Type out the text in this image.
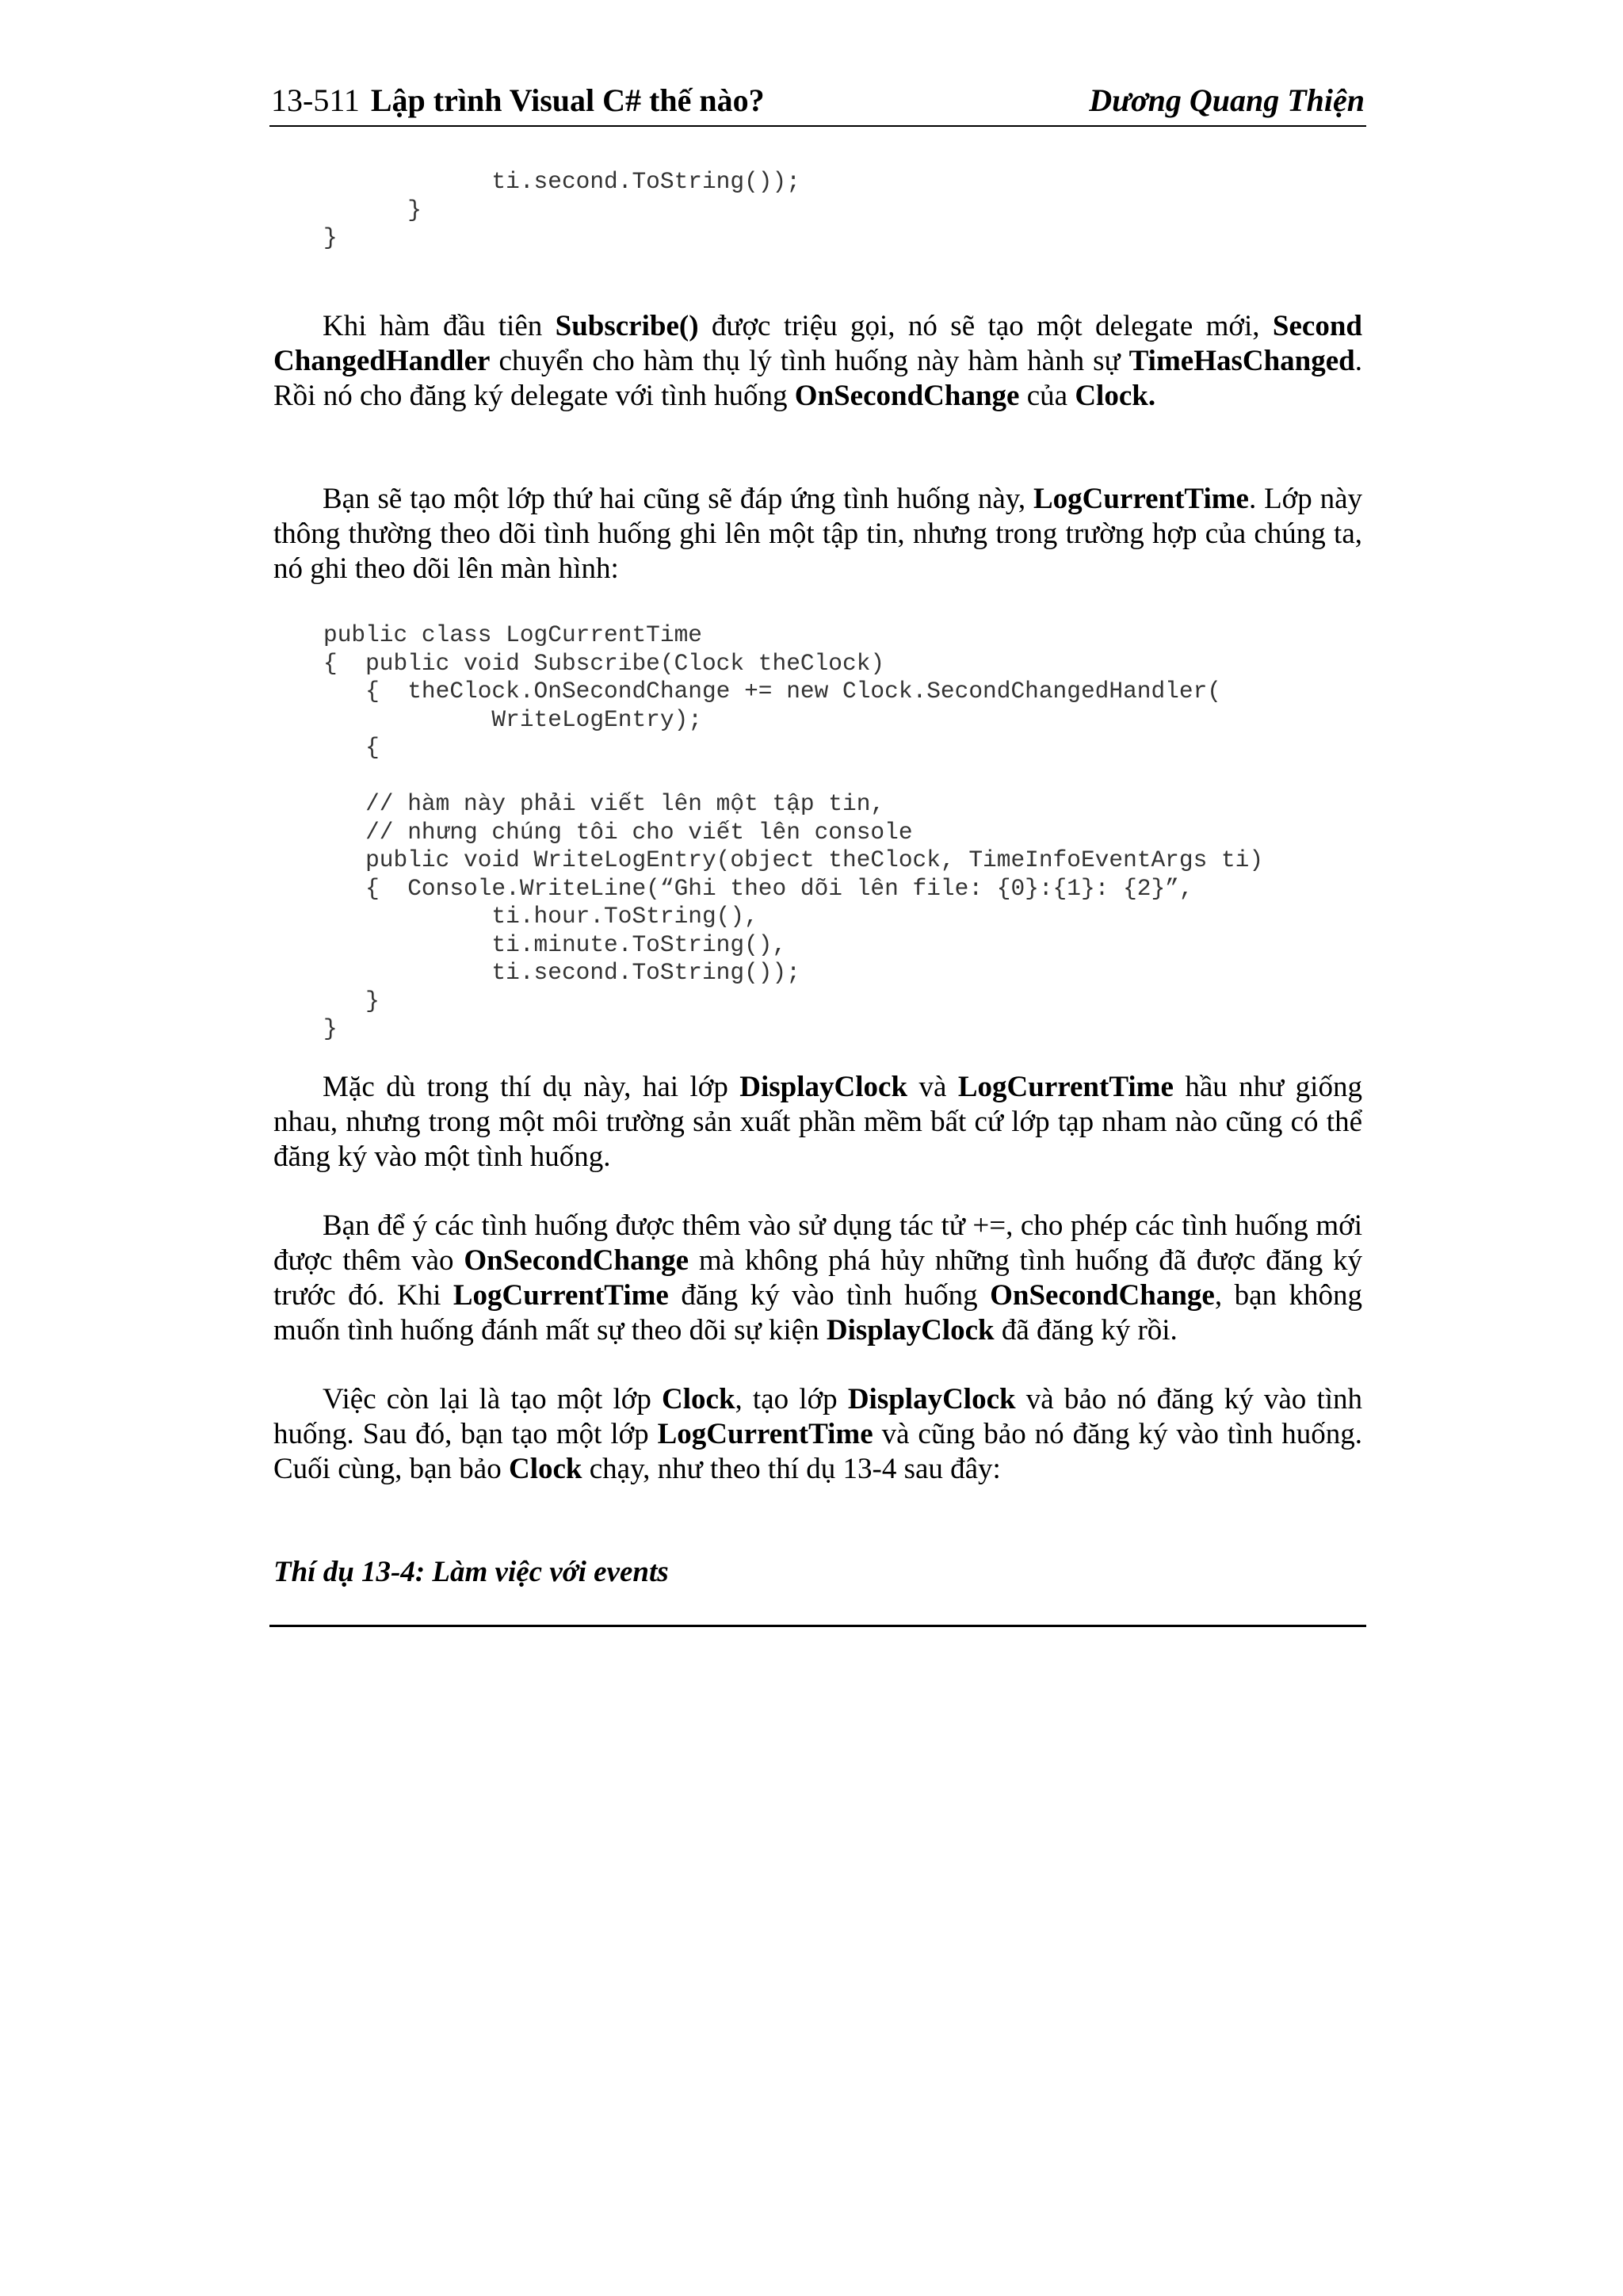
13-511 Lập trình Visual C# thế nào?	Dương Quang Thiện
ti.second.ToString());
}
}

Khi hàm đầu tiên Subscribe() được triệu gọi, nó sẽ tạo một delegate mới, Second ChangedHandler chuyển cho hàm thụ lý tình huống này hàm hành sự TimeHasChanged. Rồi nó cho đăng ký delegate với tình huống OnSecondChange của Clock.

Bạn sẽ tạo một lớp thứ hai cũng sẽ đáp ứng tình huống này, LogCurrentTime. Lớp này thông thường theo dõi tình huống ghi lên một tập tin, nhưng trong trường hợp của chúng ta, nó ghi theo dõi lên màn hình:

public class LogCurrentTime
{  public void Subscribe(Clock theClock)
{  theClock.OnSecondChange += new Clock.SecondChangedHandler(
WriteLogEntry);
{
// hàm này phải viết lên một tập tin,
// nhưng chúng tôi cho viết lên console
public void WriteLogEntry(object theClock, TimeInfoEventArgs ti)
{  Console.WriteLine(“Ghi theo dõi lên file: {0}:{1}: {2}”,
ti.hour.ToString(),
ti.minute.ToString(),
ti.second.ToString());
}
}

Mặc dù trong thí dụ này, hai lớp DisplayClock và LogCurrentTime hầu như giống nhau, nhưng trong một môi trường sản xuất phần mềm bất cứ lớp tạp nham nào cũng có thể đăng ký vào một tình huống.

Bạn để ý các tình huống được thêm vào sử dụng tác tử +=, cho phép các tình huống mới được thêm vào OnSecondChange mà không phá hủy những tình huống đã được đăng ký trước đó. Khi LogCurrentTime đăng ký vào tình huống OnSecondChange, bạn không muốn tình huống đánh mất sự theo dõi sự kiện DisplayClock đã đăng ký rồi.

Việc còn lại là tạo một lớp Clock, tạo lớp DisplayClock và bảo nó đăng ký vào tình huống. Sau đó, bạn tạo một lớp LogCurrentTime và cũng bảo nó đăng ký vào tình huống. Cuối cùng, bạn bảo Clock chạy, như theo thí dụ 13-4 sau đây:

Thí dụ 13-4: Làm việc với events
